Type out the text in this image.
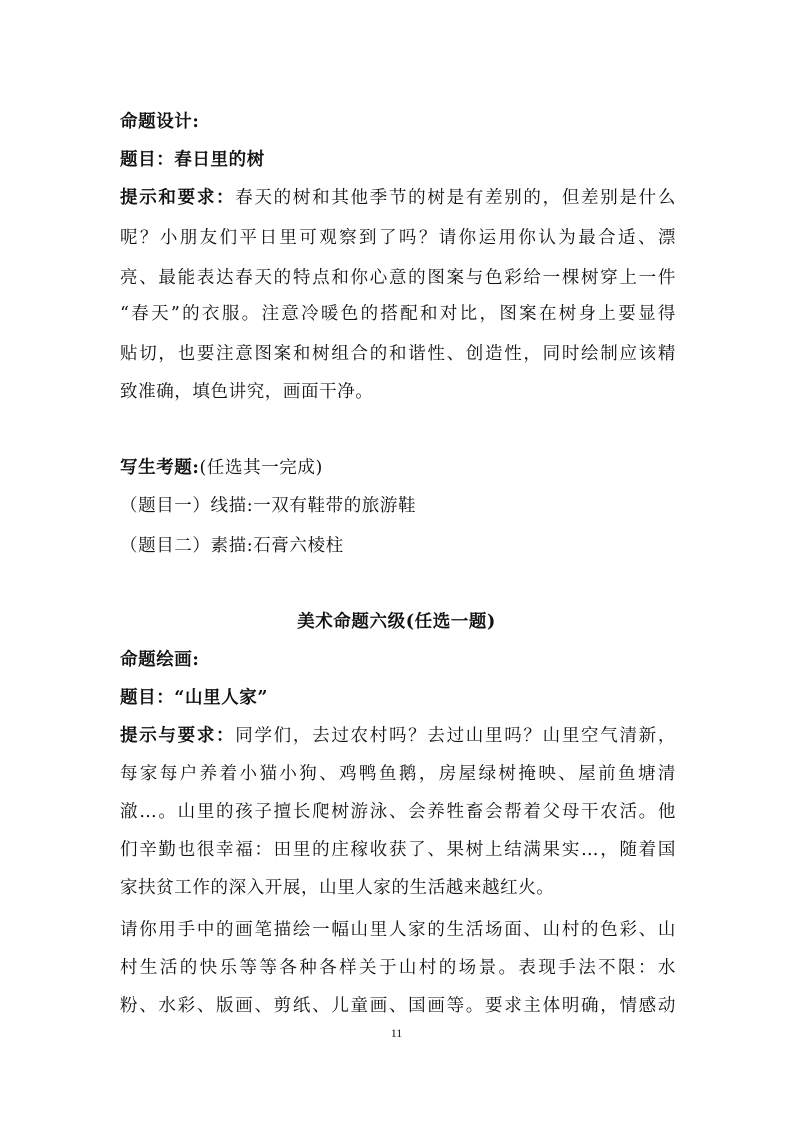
命题设计:
题目：春日里的树
提示和要求：春天的树和其他季节的树是有差别的，但差别是什么
呢？小朋友们平日里可观察到了吗？请你运用你认为最合适、漂
亮、最能表达春天的特点和你心意的图案与色彩给一棵树穿上一件
“春天”的衣服。注意冷暖色的搭配和对比，图案在树身上要显得
贴切，也要注意图案和树组合的和谐性、创造性，同时绘制应该精
致准确，填色讲究，画面干净。
写生考题:(任选其一完成)
（题目一）线描:一双有鞋带的旅游鞋
（题目二）素描:石膏六棱柱
美术命题六级(任选一题)
命题绘画:
题目：“山里人家”
提示与要求：同学们，去过农村吗？去过山里吗？山里空气清新，
每家每户养着小猫小狗、鸡鸭鱼鹅，房屋绿树掩映、屋前鱼塘清
澈…。山里的孩子擅长爬树游泳、会养牲畜会帮着父母干农活。他
们辛勤也很幸福：田里的庄稼收获了、果树上结满果实…，随着国
家扶贫工作的深入开展，山里人家的生活越来越红火。
请你用手中的画笔描绘一幅山里人家的生活场面、山村的色彩、山
村生活的快乐等等各种各样关于山村的场景。表现手法不限：水
粉、水彩、版画、剪纸、儿童画、国画等。要求主体明确，情感动
11
